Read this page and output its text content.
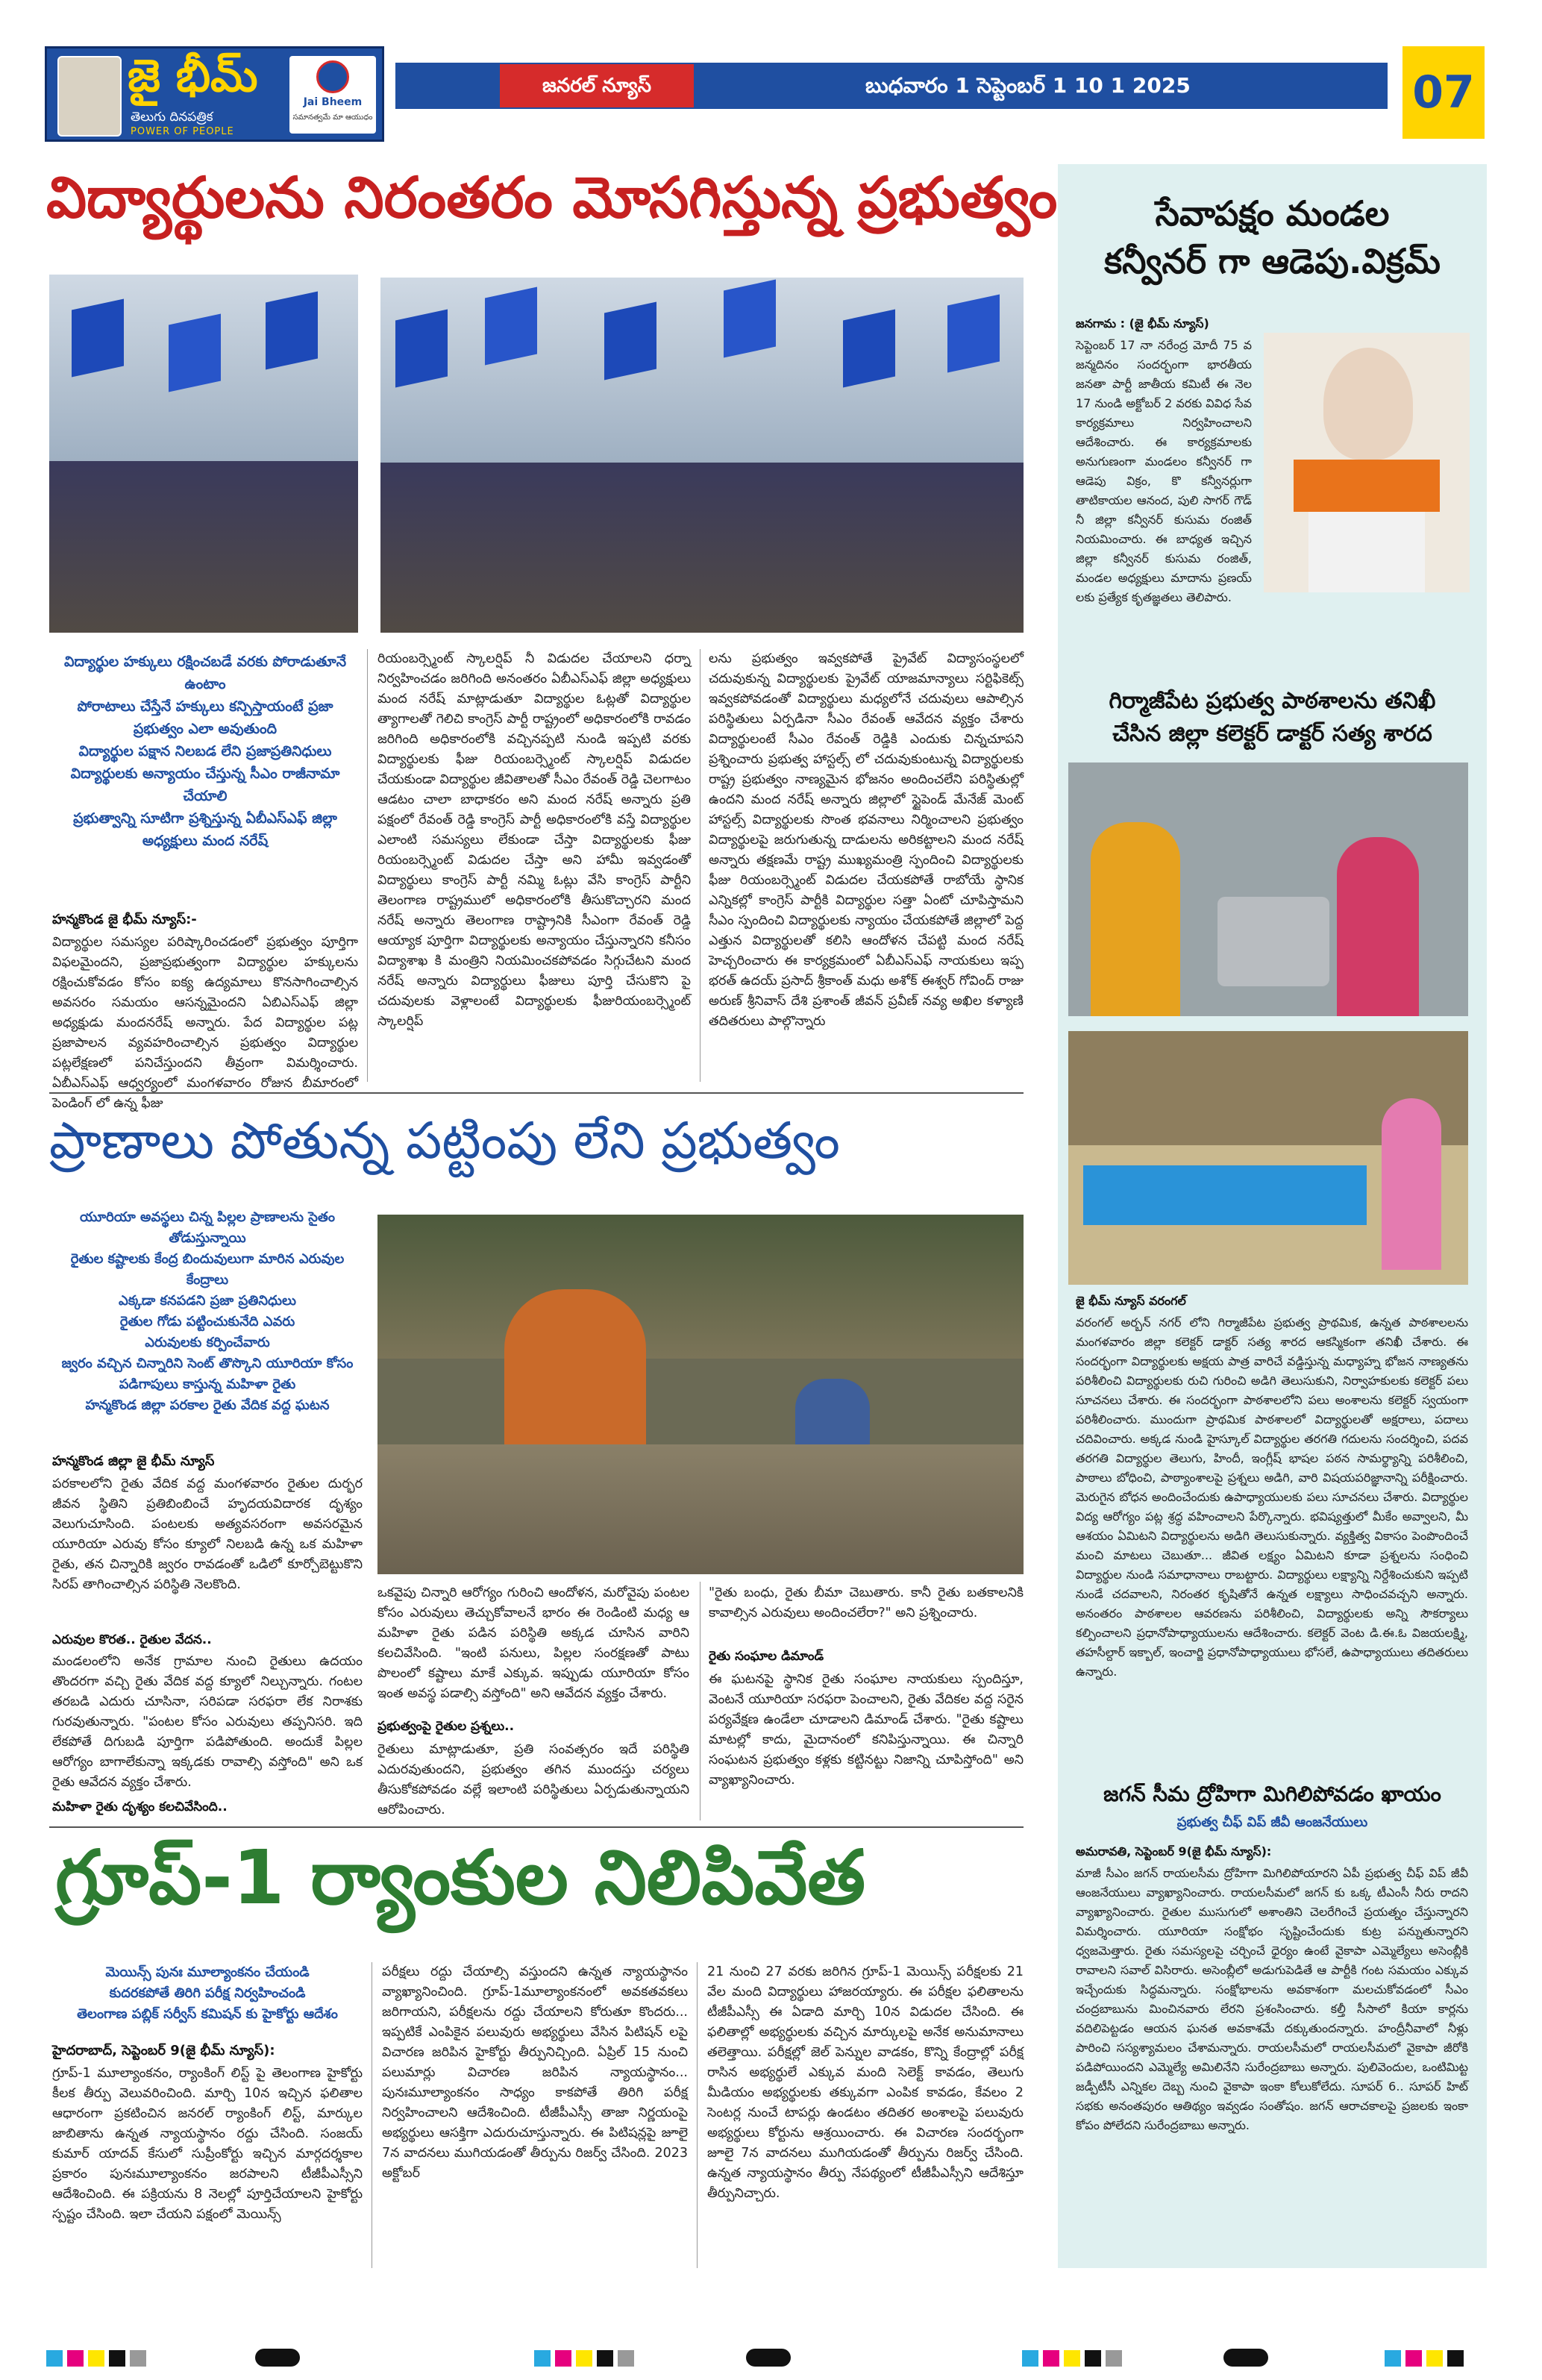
జై భీమ్
తెలుగు దినపత్రిక
POWER OF PEOPLE
Jai Bheem
సమానత్వమే మా ఆయుధం
జనరల్ న్యూస్	బుధవారం 1 సెప్టెంబర్ 1 10 1 2025	07
విద్యార్థులను నిరంతరం మోసగిస్తున్న ప్రభుత్వం
విద్యార్థుల హక్కులు రక్షించబడే వరకు పోరాడుతూనే ఉంటాం
పోరాటాలు చేస్తేనే హక్కులు కన్పిస్తాయంటే ప్రజా ప్రభుత్వం ఎలా అవుతుంది
విద్యార్థుల పక్షాన నిలబడ లేని ప్రజాప్రతినిధులు
విద్యార్థులకు అన్యాయం చేస్తున్న సీఎం రాజీనామా చేయాలి
ప్రభుత్వాన్ని సూటిగా ప్రశ్నిస్తున్న ఏబీఎస్ఎఫ్ జిల్లా అధ్యక్షులు మంద నరేష్
హన్మకొండ జై భీమ్ న్యూస్:-
విద్యార్థుల సమస్యల పరిష్కారించడంలో ప్రభుత్వం పూర్తిగా విఫలమైందని, ప్రజాప్రభుత్వంగా విద్యార్థుల హక్కులను రక్షించుకోవడం కోసం ఐక్య ఉద్యమాలు కొనసాగించాల్సిన అవసరం సమయం ఆసన్నమైందని ఏబిఎస్ఎఫ్ జిల్లా అధ్యక్షుడు మందనరేష్ అన్నారు. పేద విద్యార్థుల పట్ల ప్రజాపాలన వ్యవహరించాల్సిన ప్రభుత్వం విద్యార్థుల పట్లలేక్షణలో పనిచేస్తుందని తీవ్రంగా విమర్శించారు. ఏబీఎస్ఎఫ్ ఆధ్వర్యంలో మంగళవారం రోజున బీమారంలో పెండింగ్ లో ఉన్న ఫీజు
రియంబర్స్మెంట్ స్కాలర్షిప్ నీ విడుదల చేయాలని ధర్నా నిర్వహించడం జరిగింది అనంతరం ఏబీఎస్ఎఫ్ జిల్లా అధ్యక్షులు మంద నరేష్ మాట్లాడుతూ విద్యార్థుల ఓట్లతో విద్యార్థుల త్యాగాలతో గెలిచి కాంగ్రెస్ పార్టీ రాష్ట్రంలో అధికారంలోకి రావడం జరిగింది అధికారంలోకి వచ్చినప్పటి నుండి ఇప్పటి వరకు విద్యార్థులకు ఫీజు రియంబర్స్మెంట్ స్కాలర్షిప్ విడుదల చేయకుండా విద్యార్థుల జీవితాలతో సీఎం రేవంత్ రెడ్డి చెలగాటం ఆడటం చాలా బాధాకరం అని మంద నరేష్ అన్నారు ప్రతి పక్షంలో రేవంత్ రెడ్డి కాంగ్రెస్ పార్టీ అధికారంలోకి వస్తే విద్యార్థుల ఎలాంటి సమస్యలు లేకుండా చేస్తా విద్యార్థులకు ఫీజు రియంబర్స్మెంట్ విడుదల చేస్తా అని హామీ ఇవ్వడంతో విద్యార్థులు కాంగ్రెస్ పార్టీ నమ్మి ఓట్లు వేసి కాంగ్రెస్ పార్టీని తెలంగాణ రాష్ట్రములో అధికారంలోకి తీసుకొచ్చారని మంద నరేష్ అన్నారు తెలంగాణ రాష్ట్రానికి సీఎంగా రేవంత్ రెడ్డి ఆయ్యాక పూర్తిగా విద్యార్థులకు అన్యాయం చేస్తున్నారని కనీసం విద్యాశాఖ కి మంత్రిని నియమించకపోవడం సిగ్గుచేటని మంద నరేష్ అన్నారు విద్యార్థులు ఫీజులు పూర్తి చేసుకొని పై చదువులకు వెళ్లాలంటే విద్యార్థులకు ఫీజురియంబర్స్మెంట్ స్కాలర్షిప్
లను ప్రభుత్వం ఇవ్వకపోతే ప్రైవేట్ విద్యాసంస్థలలో చదువుకున్న విద్యార్థులకు ప్రైవేట్ యాజమాన్యాలు సర్టిఫికెట్స్ ఇవ్వకపోవడంతో విద్యార్థులు మధ్యలోనే చదువులు ఆపాల్సిన పరిస్థితులు ఏర్పడినా సీఎం రేవంత్ ఆవేదన వ్యక్తం చేశారు విద్యార్థులంటే సీఎం రేవంత్ రెడ్డికి ఎందుకు చిన్నచూపని ప్రశ్నించారు ప్రభుత్వ హాస్టల్స్ లో చదువుకుంటున్న విద్యార్థులకు రాష్ట్ర ప్రభుత్వం నాణ్యమైన భోజనం అందించలేని పరిస్థితుల్లో ఉందని మంద నరేష్ అన్నారు జిల్లాలో స్టైపెండ్ మేనేజ్ మెంట్ హాస్టల్స్ విద్యార్థులకు సొంత భవనాలు నిర్మించాలని ప్రభుత్వం విద్యార్థులపై జరుగుతున్న దాడులను అరికట్టాలని మంద నరేష్ అన్నారు తక్షణమే రాష్ట్ర ముఖ్యమంత్రి స్పందించి విద్యార్థులకు ఫీజు రియంబర్స్మెంట్ విడుదల చేయకపోతే రాబోయే స్థానిక ఎన్నికల్లో కాంగ్రెస్ పార్టీకి విద్యార్థుల సత్తా ఏంటో చూపిస్తామని సీఎం స్పందించి విద్యార్థులకు న్యాయం చేయకపోతే జిల్లాలో పెద్ద ఎత్తున విద్యార్థులతో కలిసి ఆందోళన చేపట్టి మంద నరేష్ హెచ్చరించారు ఈ కార్యక్రమంలో ఏబీఎస్ఎఫ్ నాయకులు ఇప్ప భరత్ ఉదయ్ ప్రసాద్ శ్రీకాంత్ మధు అశోక్ ఈశ్వర్ గోవింద్ రాజు అరుణ్ శ్రీనివాస్ దేశి ప్రశాంత్ జీవన్ ప్రవీణ్ నవ్య అఖిల కళ్యాణి తదితరులు పాల్గొన్నారు
ప్రాణాలు పోతున్న పట్టింపు లేని ప్రభుత్వం
యూరియా అవస్థలు చిన్న పిల్లల ప్రాణాలను సైతం తోడుస్తున్నాయి
రైతుల కష్టాలకు కేంద్ర బిందువులుగా మారిన ఎరువుల కేంద్రాలు
ఎక్కడా కనపడని ప్రజా ప్రతినిధులు
రైతుల గోడు పట్టించుకునేది ఎవరు
ఎరువులకు కర్పించేవారు
జ్వరం వచ్చిన చిన్నారిని సెంట్ తొస్కొని యూరియా కోసం పడిగాపులు కాస్తున్న మహిళా రైతు
హన్మకొండ జిల్లా పరకాల రైతు వేదిక వద్ద ఘటన
హన్మకొండ జిల్లా జై భీమ్ న్యూస్
పరకాలలోని రైతు వేదిక వద్ద మంగళవారం రైతుల దుర్భర జీవన స్థితిని ప్రతిబింబించే హృదయవిదారక దృశ్యం వెలుగుచూసింది. పంటలకు అత్యవసరంగా అవసరమైన యూరియా ఎరువు కోసం క్యూలో నిలబడి ఉన్న ఒక మహిళా రైతు, తన చిన్నారికి జ్వరం రావడంతో ఒడిలో కూర్చోబెట్టుకొని సిరప్ తాగించాల్సిన పరిస్థితి నెలకొంది.
ఎరువుల కొరత.. రైతుల వేదన..
మండలంలోని అనేక గ్రామాల నుంచి రైతులు ఉదయం తొందరగా వచ్చి రైతు వేదిక వద్ద క్యూలో నిల్చున్నారు. గంటల తరబడి ఎదురు చూసినా, సరిపడా సరఫరా లేక నిరాశకు గురవుతున్నారు. "పంటల కోసం ఎరువులు తప్పనిసరి. ఇది లేకపోతే దిగుబడి పూర్తిగా పడిపోతుంది. అందుకే పిల్లల ఆరోగ్యం బాగాలేకున్నా ఇక్కడకు రావాల్సి వస్తోంది" అని ఒక రైతు ఆవేదన వ్యక్తం చేశారు.
మహిళా రైతు దృశ్యం కలచివేసింది..
ఒకవైపు చిన్నారి ఆరోగ్యం గురించి ఆందోళన, మరోవైపు పంటల కోసం ఎరువులు తెచ్చుకోవాలనే భారం ఈ రెండింటి మధ్య ఆ మహిళా రైతు పడిన పరిస్థితి అక్కడ చూసిన వారిని కలచివేసింది. "ఇంటి పనులు, పిల్లల సంరక్షణతో పాటు పొలంలో కష్టాలు మాకే ఎక్కువ. ఇప్పుడు యూరియా కోసం ఇంత అవస్థ పడాల్సి వస్తోంది" అని ఆవేదన వ్యక్తం చేశారు.
ప్రభుత్వంపై రైతుల ప్రశ్నలు..
రైతులు మాట్లాడుతూ, ప్రతి సంవత్సరం ఇదే పరిస్థితి ఎదురవుతుందని, ప్రభుత్వం తగిన ముందస్తు చర్యలు తీసుకోకపోవడం వల్లే ఇలాంటి పరిస్థితులు ఏర్పడుతున్నాయని ఆరోపించారు.
"రైతు బంధు, రైతు బీమా చెబుతారు. కానీ రైతు బతకాలనికి కావాల్సిన ఎరువులు అందించలేరా?" అని ప్రశ్నించారు.
రైతు సంఘాల డిమాండ్
ఈ ఘటనపై స్థానిక రైతు సంఘాల నాయకులు స్పందిస్తూ, వెంటనే యూరియా సరఫరా పెంచాలని, రైతు వేదికల వద్ద సరైన పర్యవేక్షణ ఉండేలా చూడాలని డిమాండ్ చేశారు. "రైతు కష్టాలు మాటల్లో కాదు, మైదానంలో కనిపిస్తున్నాయి. ఈ చిన్నారి సంఘటన ప్రభుత్వం కళ్లకు కట్టినట్టు నిజాన్ని చూపిస్తోంది" అని వ్యాఖ్యానించారు.
గ్రూప్-1 ర్యాంకుల నిలిపివేత
మెయిన్స్ పునః మూల్యాంకనం చేయండి
కుదరకపోతే తిరిగి పరీక్ష నిర్వహించండి
తెలంగాణ పబ్లిక్ సర్వీస్ కమిషన్ కు హైకోర్టు ఆదేశం
హైదరాబాద్, సెప్టెంబర్ 9(జై భీమ్ న్యూస్):
గ్రూప్-1 మూల్యాంకనం, ర్యాంకింగ్ లిస్ట్ పై తెలంగాణ హైకోర్టు కీలక తీర్పు వెలువరించింది. మార్చి 10న ఇచ్చిన ఫలితాల ఆధారంగా ప్రకటించిన జనరల్ ర్యాంకింగ్ లిస్ట్, మార్కుల జాబితాను ఉన్నత న్యాయస్థానం రద్దు చేసింది. సంజయ్ కుమార్ యాదవ్ కేసులో సుప్రీంకోర్టు ఇచ్చిన మార్గదర్శకాల ప్రకారం పునఃమూల్యాంకనం జరపాలని టీజీపీఎస్సీని ఆదేశించింది. ఈ పక్రియను 8 నెలల్లో పూర్తిచేయాలని హైకోర్టు స్పష్టం చేసింది. ఇలా చేయని పక్షంలో మెయిన్స్
పరీక్షలు రద్దు చేయాల్సి వస్తుందని ఉన్నత న్యాయస్థానం వ్యాఖ్యానించింది. గ్రూప్-1మూల్యాంకనంలో అవకతవకలు జరిగాయని, పరీక్షలను రద్దు చేయాలని కోరుతూ కొందరు... ఇప్పటికే ఎంపికైన పలువురు అభ్యర్థులు వేసిన పిటిషన్ లపై విచారణ జరిపిన హైకోర్టు తీర్పునిచ్చింది. ఏప్రిల్ 15 నుంచి పలుమార్లు విచారణ జరిపిన న్యాయస్థానం... పునఃమూల్యాంకనం సాధ్యం కాకపోతే తిరిగి పరీక్ష నిర్వహించాలని ఆదేశించింది. టీజీపీఎస్సీ తాజా నిర్ణయంపై అభ్యర్థులు ఆసక్తిగా ఎదురుచూస్తున్నారు. ఈ పిటిషన్లపై జూలై 7న వాదనలు ముగియడంతో తీర్పును రిజర్వ్ చేసింది. 2023 అక్టోబర్
21 నుంచి 27 వరకు జరిగిన గ్రూప్-1 మెయిన్స్ పరీక్షలకు 21 వేల మంది విద్యార్థులు హాజరయ్యారు. ఈ పరీక్షల ఫలితాలను టీజీపీఎస్సీ ఈ ఏడాది మార్చి 10న విడుదల చేసింది. ఈ ఫలితాల్లో అభ్యర్థులకు వచ్చిన మార్కులపై అనేక అనుమానాలు తలెత్తాయి. పరీక్షల్లో జెల్ పెన్నుల వాడకం, కొన్ని కేంద్రాల్లో పరీక్ష రాసిన అభ్యర్థులే ఎక్కువ మంది సెలెక్ట్ కావడం, తెలుగు మీడియం అభ్యర్థులకు తక్కువగా ఎంపిక కావడం, కేవలం 2 సెంటర్ల నుంచే టాపర్లు ఉండటం తదితర అంశాలపై పలువురు అభ్యర్థులు కోర్టును ఆశ్రయించారు. ఈ విచారణ సందర్భంగా జూలై 7న వాదనలు ముగియడంతో తీర్పును రిజర్వ్ చేసింది. ఉన్నత న్యాయస్థానం తీర్పు నేపథ్యంలో టీజీపీఎస్సీని ఆదేశిస్తూ తీర్పునిచ్చారు.
సేవాపక్షం మండల
కన్వీనర్ గా ఆడెపు.విక్రమ్
జనగామ : (జై భీమ్ న్యూస్)
సెప్టెంబర్ 17 నా నరేంద్ర మోదీ 75 వ జన్మదినం సందర్భంగా భారతీయ జనతా పార్టీ జాతీయ కమిటీ ఈ నెల 17 నుండి అక్టోబర్ 2 వరకు వివిధ సేవ కార్యక్రమాలు నిర్వహించాలని ఆదేశించారు. ఈ కార్యక్రమాలకు అనుగుణంగా మండలం కన్వీనర్ గా ఆడెపు విక్రం, కొ కన్వీనర్లుగా తాటికాయల ఆనంద, పులి సాగర్ గౌడ్ నీ జిల్లా కన్వీనర్ కుసుమ రంజిత్ నియమించారు. ఈ బాధ్యత ఇచ్చిన జిల్లా కన్వీనర్ కుసుమ రంజిత్, మండల అధ్యక్షులు మాదాను ప్రణయ్ లకు ప్రత్యేక కృతజ్ఞతలు తెలిపారు.
గిర్మాజీపేట ప్రభుత్వ పాఠశాలను తనిఖీ
చేసిన జిల్లా కలెక్టర్ డాక్టర్ సత్య శారద
జై భీమ్ న్యూస్ వరంగల్
వరంగల్ అర్బన్ నగర్ లోని గిర్మాజీపేట ప్రభుత్వ ప్రాథమిక, ఉన్నత పాఠశాలలను మంగళవారం జిల్లా కలెక్టర్ డాక్టర్ సత్య శారద ఆకస్మికంగా తనిఖీ చేశారు. ఈ సందర్భంగా విద్యార్థులకు అక్షయ పాత్ర వారిచే వడ్డిస్తున్న మధ్యాహ్న భోజన నాణ్యతను పరిశీలించి విద్యార్థులకు రుచి గురించి అడిగి తెలుసుకుని, నిర్వాహకులకు కలెక్టర్ పలు సూచనలు చేశారు. ఈ సందర్భంగా పాఠశాలలోని పలు అంశాలను కలెక్టర్ స్వయంగా పరిశీలించారు. ముందుగా ప్రాథమిక పాఠశాలలో విద్యార్థులతో అక్షరాలు, పదాలు చదివించారు. అక్కడ నుండి హైస్కూల్ విద్యార్థుల తరగతి గదులను సందర్శించి, పదవ తరగతి విద్యార్థుల తెలుగు, హిందీ, ఇంగ్లీష్ భాషల పఠన సామర్థ్యాన్ని పరిశీలించి, పాఠాలు బోధించి, పాఠ్యాంశాలపై ప్రశ్నలు అడిగి, వారి విషయపరిజ్ఞానాన్ని పరీక్షించారు. మెరుగైన బోధన అందించేందుకు ఉపాధ్యాయులకు పలు సూచనలు చేశారు. విద్యార్థుల విద్య ఆరోగ్యం పట్ల శ్రద్ధ వహించాలని పేర్కొన్నారు. భవిష్యత్తులో మీకేం అవ్వాలని, మీ ఆశయం ఏమిటని విద్యార్థులను అడిగి తెలుసుకున్నారు. వ్యక్తిత్వ వికాసం పెంపొందించే మంచి మాటలు చెబుతూ... జీవిత లక్ష్యం ఏమిటని కూడా ప్రశ్నలను సంధించి విద్యార్థుల నుండి సమాధానాలు రాబట్టారు. విద్యార్థులు లక్ష్యాన్ని నిర్దేశించుకుని ఇప్పటి నుండే చదవాలని, నిరంతర కృషితోనే ఉన్నత లక్ష్యాలు సాధించవచ్చని అన్నారు. అనంతరం పాఠశాలల ఆవరణను పరిశీలించి, విద్యార్థులకు అన్ని సౌకర్యాలు కల్పించాలని ప్రధానోపాధ్యాయులను ఆదేశించారు. కలెక్టర్ వెంట డి.ఈ.ఓ విజయలక్ష్మి, తహసీల్దార్ ఇక్బాల్, ఇంచార్జి ప్రధానోపాధ్యాయులు భోసలే, ఉపాధ్యాయులు తదితరులు ఉన్నారు.
జగన్ సీమ ద్రోహిగా మిగిలిపోవడం ఖాయం
ప్రభుత్వ చీఫ్ విప్ జీవీ ఆంజనేయులు
అమరావతి, సెప్టెంబర్ 9(జై భీమ్ న్యూస్):
మాజీ సీఎం జగన్ రాయలసీమ ద్రోహిగా మిగిలిపోయారని ఏపీ ప్రభుత్వ చీఫ్ విప్ జీవీ ఆంజనేయులు వ్యాఖ్యానించారు. రాయలసీమలో జగన్ కు ఒక్క టీఎంసీ నీరు రాదని వ్యాఖ్యానించారు. రైతుల ముసుగులో అశాంతిని చెలరేగించే ప్రయత్నం చేస్తున్నారని విమర్శించారు. యూరియా సంక్షోభం సృష్టించేందుకు కుట్ర పన్నుతున్నారని ధ్వజమెత్తారు. రైతు సమస్యలపై చర్చించే ధైర్యం ఉంటే వైకాపా ఎమ్మెల్యేలు అసెంబ్లీకి రావాలని సవాల్ విసిరారు. అసెంబ్లీలో అడుగుపెడితే ఆ పార్టీకి గంట సమయం ఎక్కువ ఇచ్చేందుకు సిద్ధమన్నారు. సంక్షోభాలను అవకాశంగా మలచుకోవడంలో సీఎం చంద్రబాబును మించినవారు లేరని ప్రశంసించారు. కల్తీ సీసాలో కియా కార్లను వదిలిపెట్టడం ఆయన ఘనత అవకాశమే దక్కుతుందన్నారు. హంద్రీనీవాలో నీళ్లు పారించి సస్యశ్యామలం చేశామన్నారు. రాయలసీమలో రాయలసీమలో వైకాపా జీరోకి పడిపోయిందని ఎమ్మెల్యే అమిలినేని సురేంద్రబాబు అన్నారు. పులివెందుల, ఒంటిమిట్ట జడ్పీటీసీ ఎన్నికల దెబ్బ నుంచి వైకాపా ఇంకా కోలుకోలేదు. సూపర్ 6.. సూపర్ హిట్ సభకు అనంతపురం ఆతిథ్యం ఇవ్వడం సంతోషం. జగన్ ఆరాచకాలపై ప్రజలకు ఇంకా కోపం పోలేదని సురేంద్రబాబు అన్నారు.
